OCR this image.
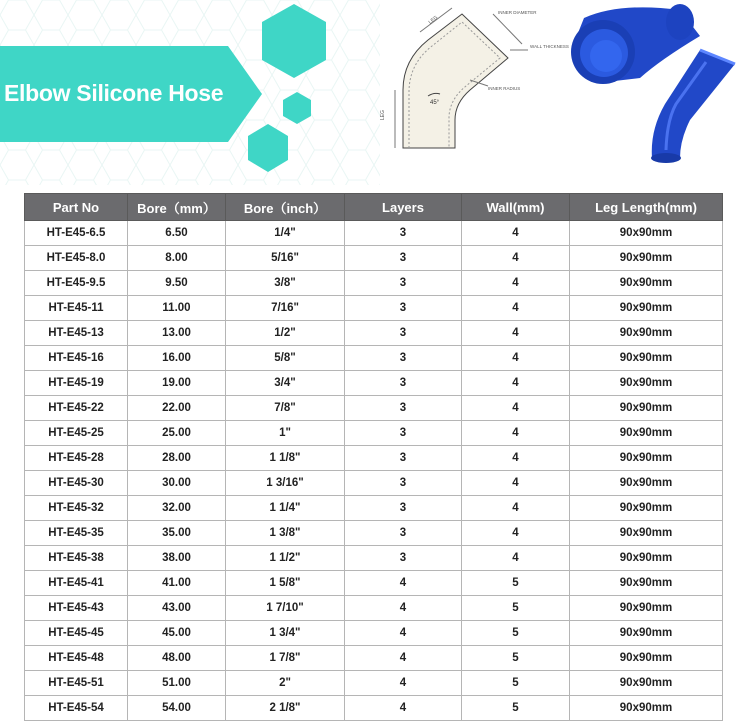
45°
LEG
INNER DIAMETER
WALL THICKNESS
INNER RADIUS
LEG
Elbow Silicone Hose
Part No	Bore（mm）	Bore（inch）	Layers	Wall(mm)	Leg Length(mm)
HT-E45-6.5	6.50	1/4"	3	4	90x90mm
HT-E45-8.0	8.00	5/16"	3	4	90x90mm
HT-E45-9.5	9.50	3/8"	3	4	90x90mm
HT-E45-11	11.00	7/16"	3	4	90x90mm
HT-E45-13	13.00	1/2"	3	4	90x90mm
HT-E45-16	16.00	5/8"	3	4	90x90mm
HT-E45-19	19.00	3/4"	3	4	90x90mm
HT-E45-22	22.00	7/8"	3	4	90x90mm
HT-E45-25	25.00	1"	3	4	90x90mm
HT-E45-28	28.00	1 1/8"	3	4	90x90mm
HT-E45-30	30.00	1 3/16"	3	4	90x90mm
HT-E45-32	32.00	1 1/4"	3	4	90x90mm
HT-E45-35	35.00	1 3/8"	3	4	90x90mm
HT-E45-38	38.00	1 1/2"	3	4	90x90mm
HT-E45-41	41.00	1 5/8"	4	5	90x90mm
HT-E45-43	43.00	1 7/10"	4	5	90x90mm
HT-E45-45	45.00	1 3/4"	4	5	90x90mm
HT-E45-48	48.00	1 7/8"	4	5	90x90mm
HT-E45-51	51.00	2"	4	5	90x90mm
HT-E45-54	54.00	2 1/8"	4	5	90x90mm
